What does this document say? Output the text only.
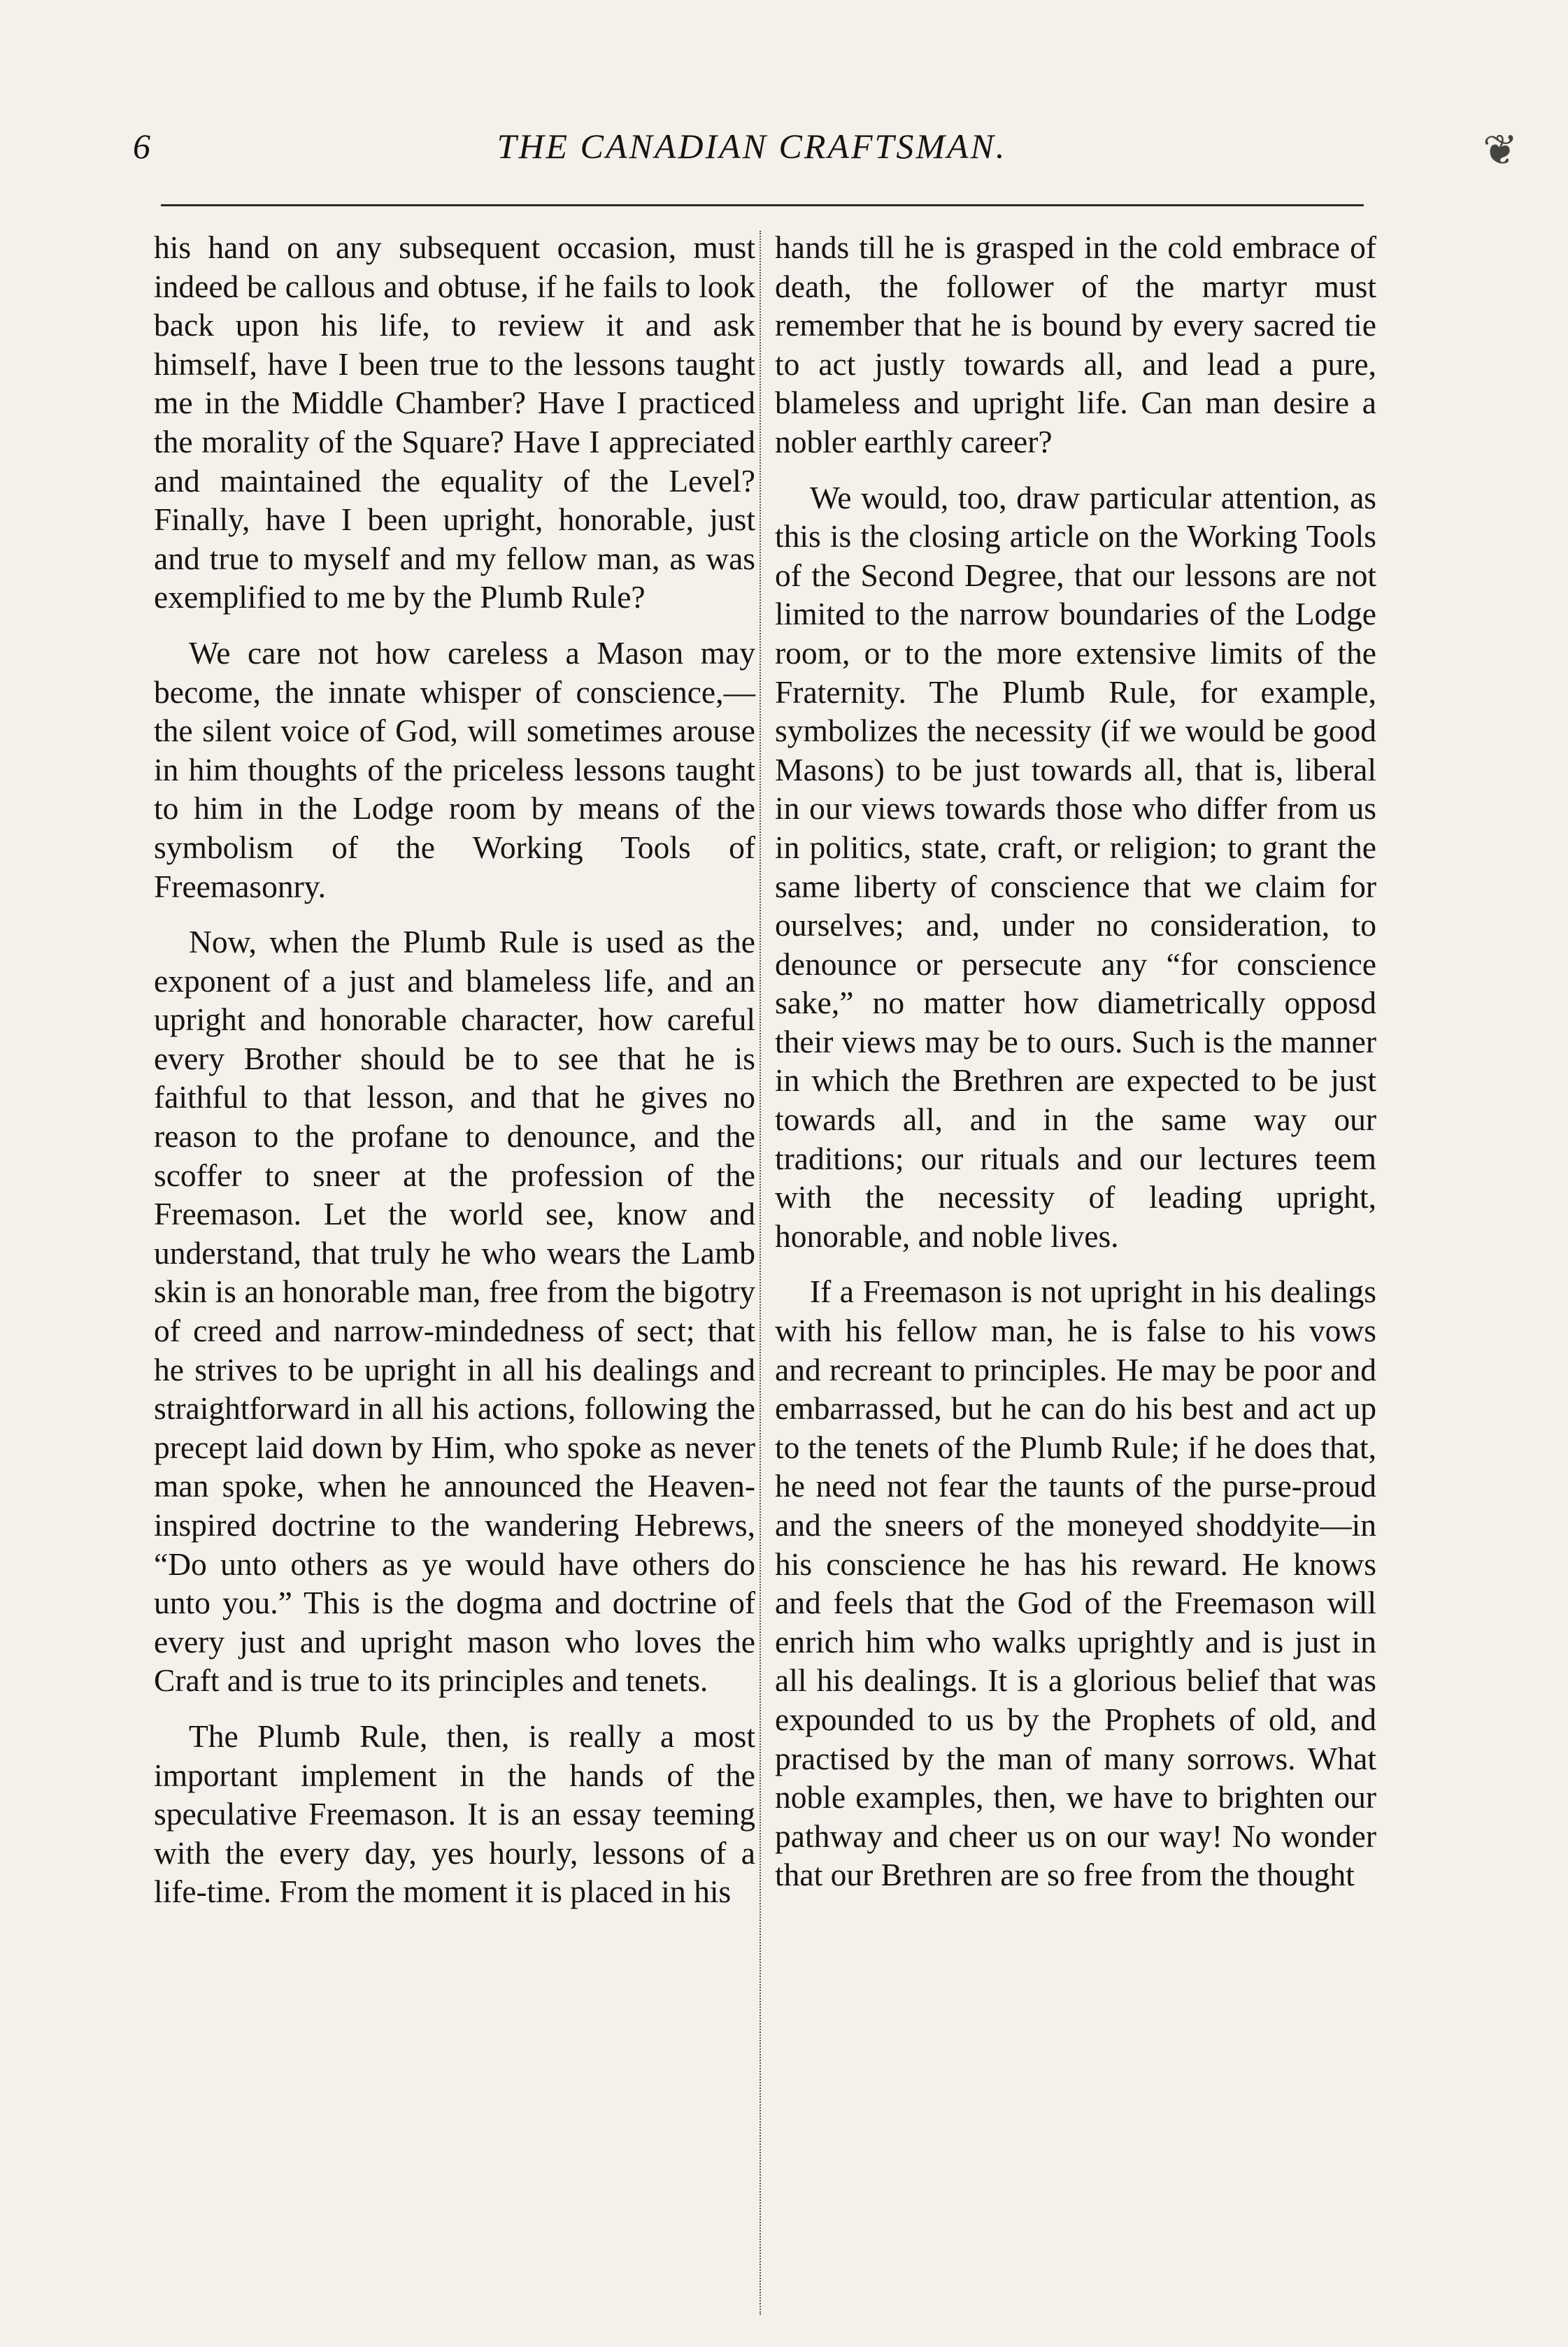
6	THE CANADIAN CRAFTSMAN.	❦

his hand on any subsequent occasion, must indeed be callous and obtuse, if he fails to look back upon his life, to review it and ask himself, have I been true to the lessons taught me in the Middle Chamber? Have I practiced the morality of the Square? Have I appreciated and maintained the equality of the Level? Finally, have I been upright, honorable, just and true to myself and my fellow man, as was exemplified to me by the Plumb Rule?

We care not how careless a Mason may become, the innate whisper of conscience,—the silent voice of God, will sometimes arouse in him thoughts of the priceless lessons taught to him in the Lodge room by means of the symbolism of the Working Tools of Freemasonry.

Now, when the Plumb Rule is used as the exponent of a just and blameless life, and an upright and honorable character, how careful every Brother should be to see that he is faithful to that lesson, and that he gives no reason to the profane to denounce, and the scoffer to sneer at the profession of the Freemason. Let the world see, know and understand, that truly he who wears the Lamb skin is an honorable man, free from the bigotry of creed and narrow-mindedness of sect; that he strives to be upright in all his dealings and straightforward in all his actions, following the precept laid down by Him, who spoke as never man spoke, when he announced the Heaven-inspired doctrine to the wandering Hebrews, “Do unto others as ye would have others do unto you.” This is the dogma and doctrine of every just and upright mason who loves the Craft and is true to its principles and tenets.

The Plumb Rule, then, is really a most important implement in the hands of the speculative Freemason. It is an essay teeming with the every day, yes hourly, lessons of a life-time. From the moment it is placed in his

hands till he is grasped in the cold embrace of death, the follower of the martyr must remember that he is bound by every sacred tie to act justly towards all, and lead a pure, blameless and upright life. Can man desire a nobler earthly career?

We would, too, draw particular attention, as this is the closing article on the Working Tools of the Second Degree, that our lessons are not limited to the narrow boundaries of the Lodge room, or to the more extensive limits of the Fraternity. The Plumb Rule, for example, symbolizes the necessity (if we would be good Masons) to be just towards all, that is, liberal in our views towards those who differ from us in politics, state, craft, or religion; to grant the same liberty of conscience that we claim for ourselves; and, under no consideration, to denounce or persecute any “for conscience sake,” no matter how diametrically opposd their views may be to ours. Such is the manner in which the Brethren are expected to be just towards all, and in the same way our traditions; our rituals and our lectures teem with the necessity of leading upright, honorable, and noble lives.

If a Freemason is not upright in his dealings with his fellow man, he is false to his vows and recreant to principles. He may be poor and embarrassed, but he can do his best and act up to the tenets of the Plumb Rule; if he does that, he need not fear the taunts of the purse-proud and the sneers of the moneyed shoddyite—in his conscience he has his reward. He knows and feels that the God of the Freemason will enrich him who walks uprightly and is just in all his dealings. It is a glorious belief that was expounded to us by the Prophets of old, and practised by the man of many sorrows. What noble examples, then, we have to brighten our pathway and cheer us on our way! No wonder that our Brethren are so free from the thought
